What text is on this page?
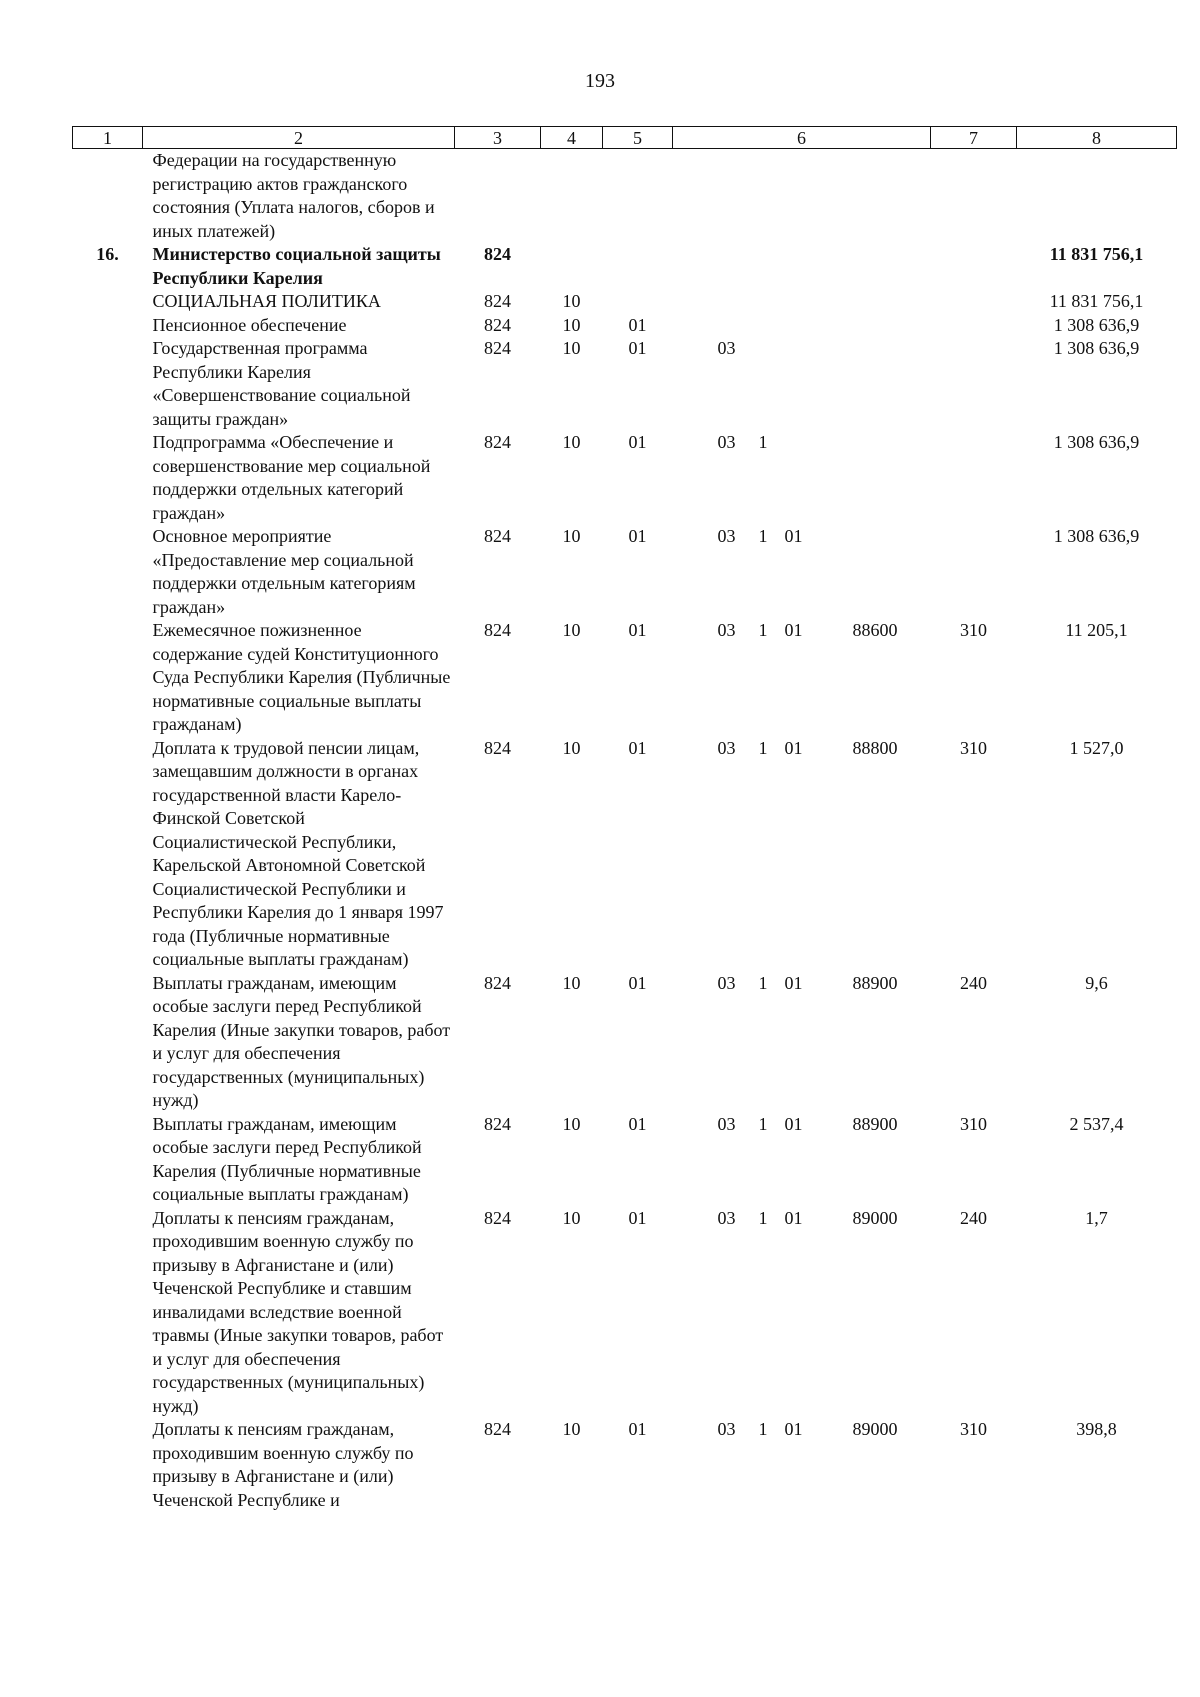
193
1	2	3	4	5	6				7	8
	Федерации на государственную регистрацию актов гражданского состояния (Уплата налогов, сборов и иных платежей)									
16.	Министерство социальной защиты Республики Карелия	824								11 831 756,1
	СОЦИАЛЬНАЯ ПОЛИТИКА	824	10							11 831 756,1
	Пенсионное обеспечение	824	10	01						1 308 636,9
	Государственная программа Республики Карелия «Совершенствование социальной защиты граждан»	824	10	01	03					1 308 636,9
	Подпрограмма «Обеспечение и совершенствование мер социальной поддержки отдельных категорий граждан»	824	10	01	03	1				1 308 636,9
	Основное мероприятие «Предоставление мер социальной поддержки отдельным категориям граждан»	824	10	01	03	1	01			1 308 636,9
	Ежемесячное пожизненное содержание судей Конституционного Суда Республики Карелия (Публичные нормативные социальные выплаты гражданам)	824	10	01	03	1	01	88600	310	11 205,1
	Доплата к трудовой пенсии лицам, замещавшим должности в органах государственной власти Карело-Финской Советской Социалистической Республики, Карельской Автономной Советской Социалистической Республики и Республики Карелия до 1 января 1997 года (Публичные нормативные социальные выплаты гражданам)	824	10	01	03	1	01	88800	310	1 527,0
	Выплаты гражданам, имеющим особые заслуги перед Республикой Карелия (Иные закупки товаров, работ и услуг для обеспечения государственных (муниципальных) нужд)	824	10	01	03	1	01	88900	240	9,6
	Выплаты гражданам, имеющим особые заслуги перед Республикой Карелия (Публичные нормативные социальные выплаты гражданам)	824	10	01	03	1	01	88900	310	2 537,4
	Доплаты к пенсиям гражданам, проходившим военную службу по призыву в Афганистане и (или) Чеченской Республике и ставшим инвалидами вследствие военной травмы (Иные закупки товаров, работ и услуг для обеспечения государственных (муниципальных) нужд)	824	10	01	03	1	01	89000	240	1,7
	Доплаты к пенсиям гражданам, проходившим военную службу по призыву в Афганистане и (или) Чеченской Республике и	824	10	01	03	1	01	89000	310	398,8
